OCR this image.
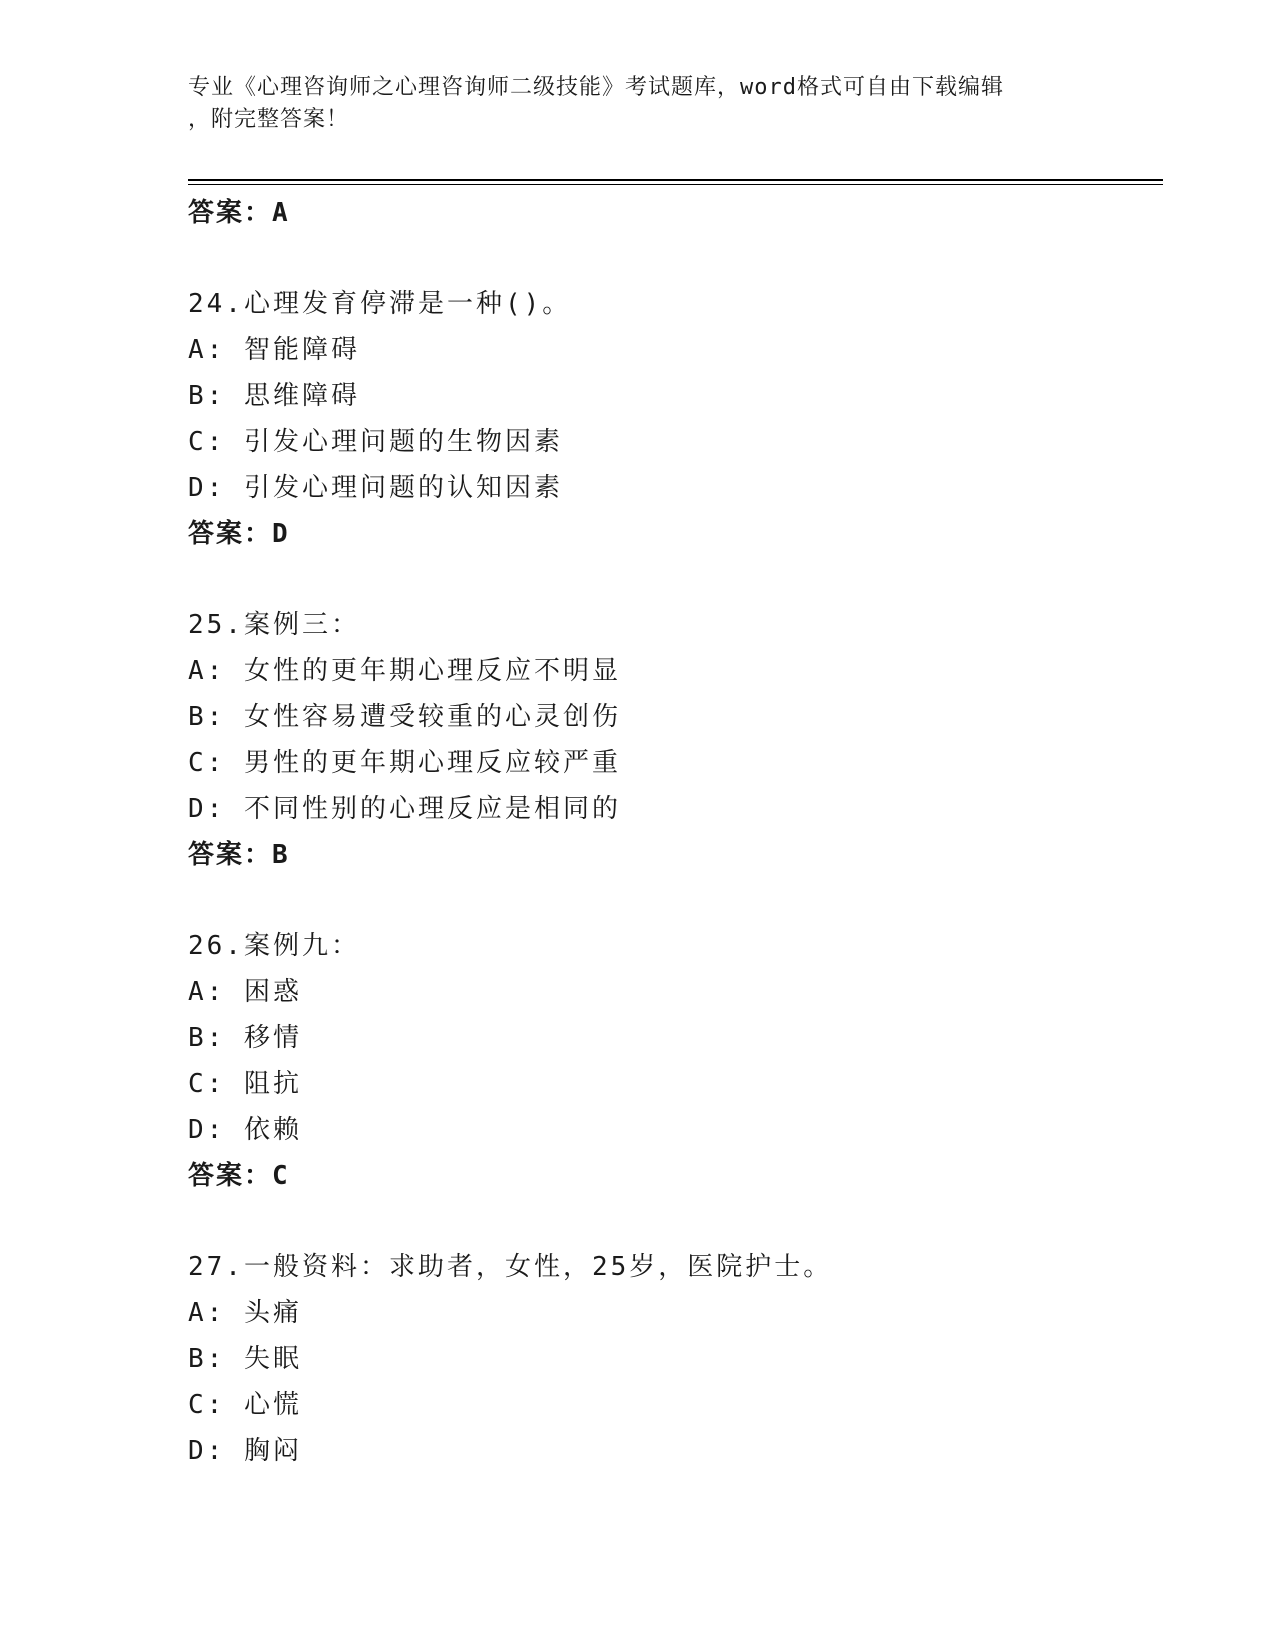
专业《心理咨询师之心理咨询师二级技能》考试题库，word格式可自由下载编辑
，附完整答案！
答案：A
24.心理发育停滞是一种()。
A: 智能障碍
B: 思维障碍
C: 引发心理问题的生物因素
D: 引发心理问题的认知因素
答案：D
25.案例三：
A: 女性的更年期心理反应不明显
B: 女性容易遭受较重的心灵创伤
C: 男性的更年期心理反应较严重
D: 不同性别的心理反应是相同的
答案：B
26.案例九：
A: 困惑
B: 移情
C: 阻抗
D: 依赖
答案：C
27.一般资料：求助者，女性，25岁，医院护士。
A: 头痛
B: 失眠
C: 心慌
D: 胸闷
